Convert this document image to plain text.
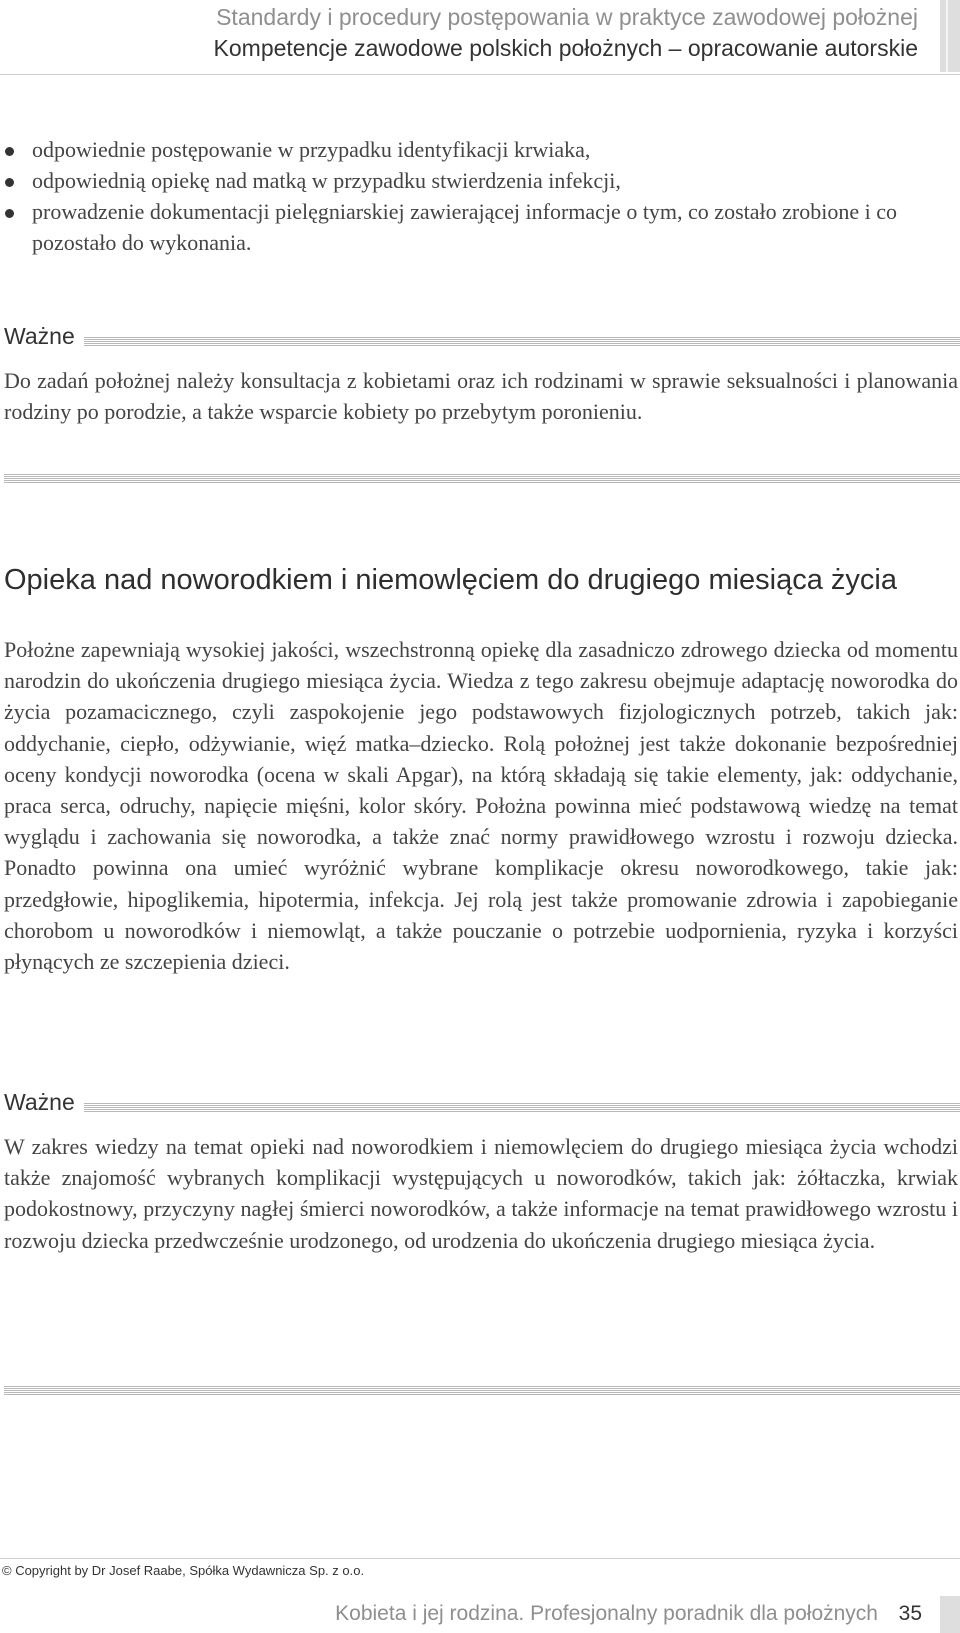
Standardy i procedury postępowania w praktyce zawodowej położnej
Kompetencje zawodowe polskich położnych – opracowanie autorskie
odpowiednie postępowanie w przypadku identyfikacji krwiaka,
odpowiednią opiekę nad matką w przypadku stwierdzenia infekcji,
prowadzenie dokumentacji pielęgniarskiej zawierającej informacje o tym, co zostało zrobione i co pozostało do wykonania.
Ważne

Do zadań położnej należy konsultacja z kobietami oraz ich rodzinami w sprawie seksualności i planowania rodziny po porodzie, a także wsparcie kobiety po przebytym poronieniu.

Opieka nad noworodkiem i niemowlęciem do drugiego miesiąca życia

Położne zapewniają wysokiej jakości, wszechstronną opiekę dla zasadniczo zdrowego dziecka od momentu narodzin do ukończenia drugiego miesiąca życia. Wiedza z tego zakresu obejmuje adaptację noworodka do życia pozamacicznego, czyli zaspokojenie jego podstawowych fizjologicznych potrzeb, takich jak: oddychanie, ciepło, odżywianie, więź matka–dziecko. Rolą położnej jest także dokonanie bezpośredniej oceny kondycji noworodka (ocena w skali Apgar), na którą składają się takie elementy, jak: oddychanie, praca serca, odruchy, napięcie mięśni, kolor skóry. Położna powinna mieć podstawową wiedzę na temat wyglądu i zachowania się noworodka, a także znać normy prawidłowego wzrostu i rozwoju dziecka. Ponadto powinna ona umieć wyróżnić wybrane komplikacje okresu noworodkowego, takie jak: przedgłowie, hipoglikemia, hipotermia, infekcja. Jej rolą jest także promowanie zdrowia i zapobieganie chorobom u noworodków i niemowląt, a także pouczanie o potrzebie uodpornienia, ryzyka i korzyści płynących ze szczepienia dzieci.

Ważne

W zakres wiedzy na temat opieki nad noworodkiem i niemowlęciem do drugiego miesiąca życia wchodzi także znajomość wybranych komplikacji występujących u noworodków, takich jak: żółtaczka, krwiak podokostnowy, przyczyny nagłej śmierci noworodków, a także informacje na temat prawidłowego wzrostu i rozwoju dziecka przedwcześnie urodzonego, od urodzenia do ukończenia drugiego miesiąca życia.

© Copyright by Dr Josef Raabe, Spółka Wydawnicza Sp. z o.o.
Kobieta i jej rodzina. Profesjonalny poradnik dla położnych 35
